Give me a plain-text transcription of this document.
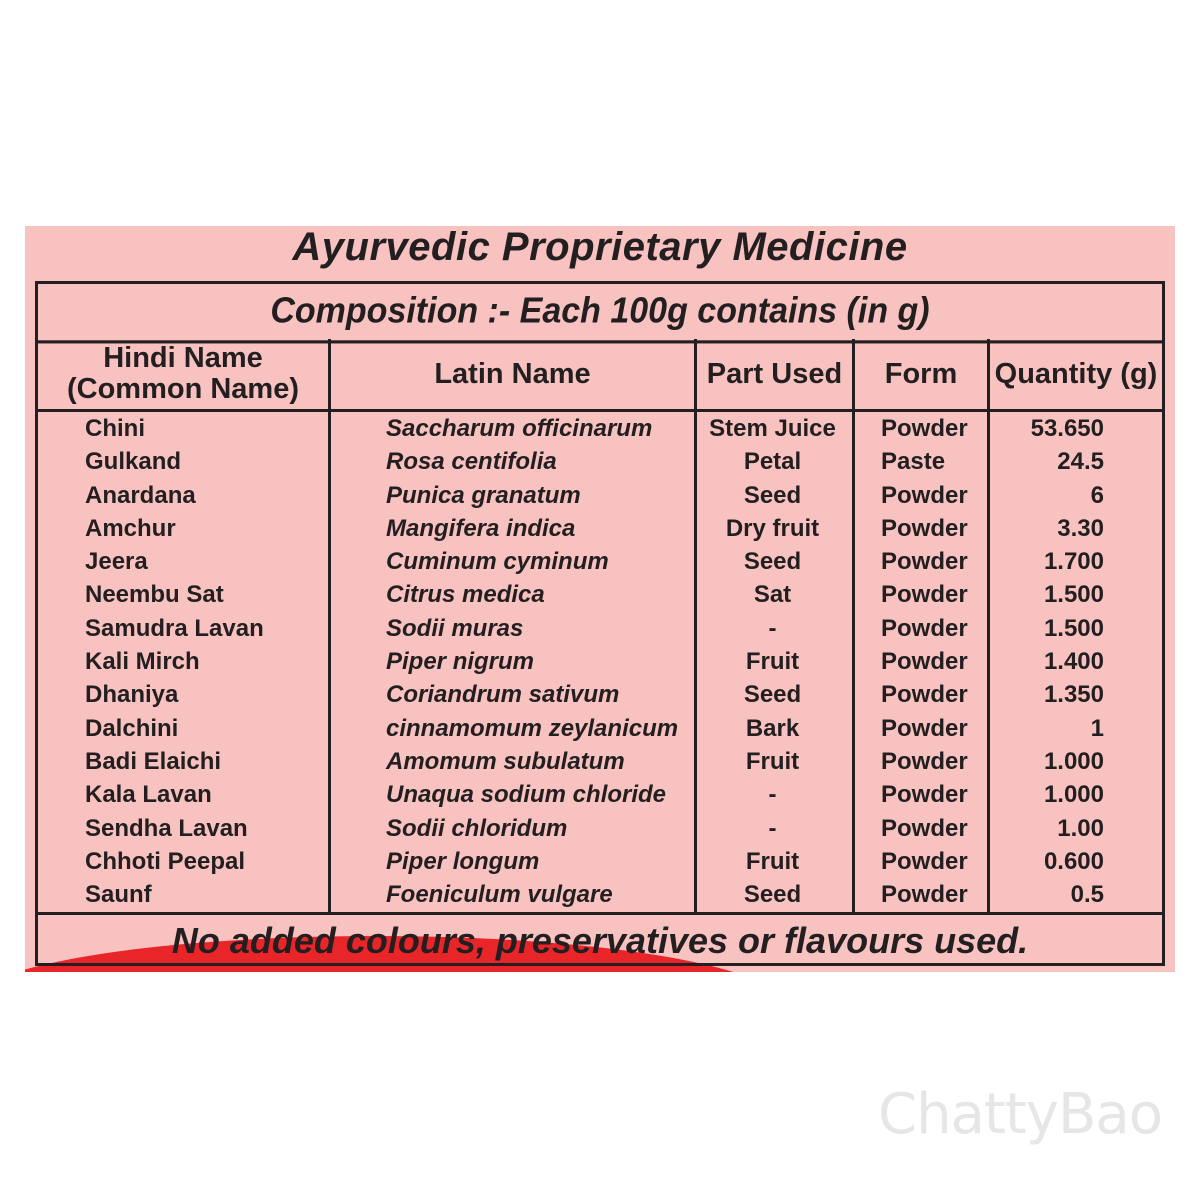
Ayurvedic Proprietary Medicine
Composition :- Each 100g contains (in g)
Hindi Name
(Common Name)	Latin Name	Part Used	Form	Quantity (g)
Chini	Saccharum officinarum	Stem Juice	Powder	53.650
Gulkand	Rosa centifolia	Petal	Paste	24.5
Anardana	Punica granatum	Seed	Powder	6
Amchur	Mangifera indica	Dry fruit	Powder	3.30
Jeera	Cuminum cyminum	Seed	Powder	1.700
Neembu Sat	Citrus medica	Sat	Powder	1.500
Samudra Lavan	Sodii muras	-	Powder	1.500
Kali Mirch	Piper nigrum	Fruit	Powder	1.400
Dhaniya	Coriandrum sativum	Seed	Powder	1.350
Dalchini	cinnamomum zeylanicum	Bark	Powder	1
Badi Elaichi	Amomum subulatum	Fruit	Powder	1.000
Kala Lavan	Unaqua sodium chloride	-	Powder	1.000
Sendha Lavan	Sodii chloridum	-	Powder	1.00
Chhoti Peepal	Piper longum	Fruit	Powder	0.600
Saunf	Foeniculum vulgare	Seed	Powder	0.5
No added colours, preservatives or flavours used.
ChattyBao
